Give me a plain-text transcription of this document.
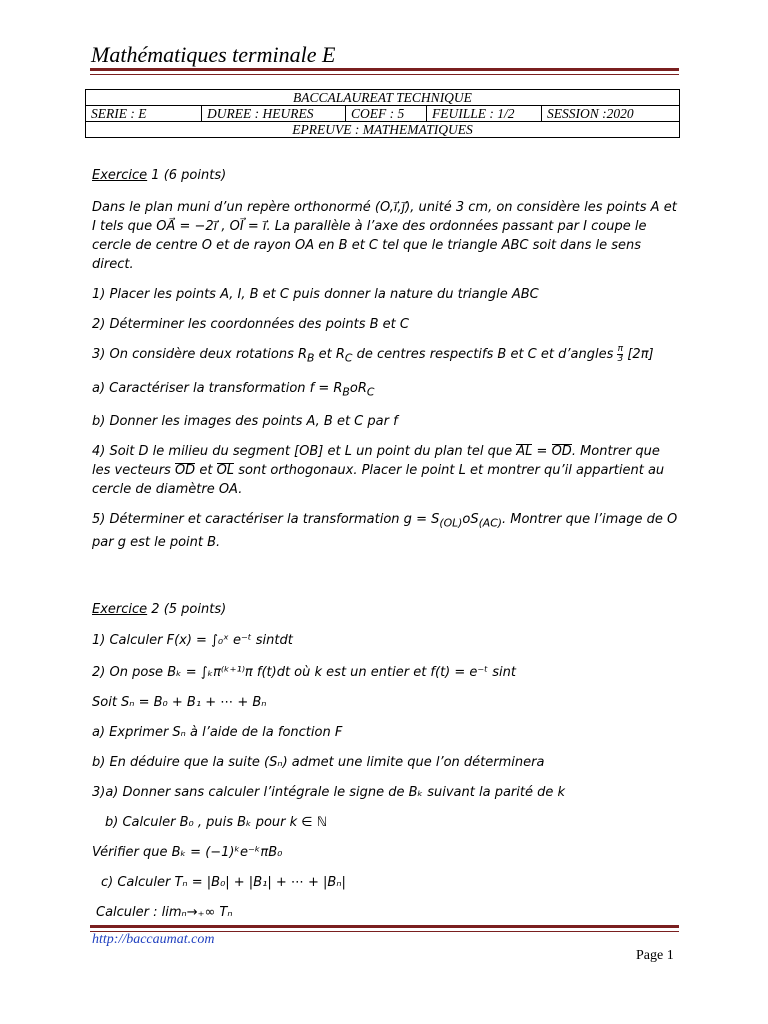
Mathématiques terminale E
BACCALAUREAT TECHNIQUE
SERIE : E	DUREE : HEURES	COEF : 5	FEUILLE : 1/2	SESSION :2020
EPREUVE : MATHEMATIQUES

Exercice 1 (6 points)

Dans le plan muni d’un repère orthonormé (O,i⃗,j⃗), unité 3 cm, on considère les points A et I tels que OA⃗ = −2i⃗ , OI⃗ = i⃗. La parallèle à l’axe des ordonnées passant par I coupe le cercle de centre O et de rayon OA en B et C tel que le triangle ABC soit dans le sens direct.

1) Placer les points A, I, B et C puis donner la nature du triangle ABC

2) Déterminer les coordonnées des points B et C

3) On considère deux rotations $R_B$ et $R_C$ de centres respectifs B et C et d’angles $\frac{\pi}{3} [2\pi]$

a) Caractériser la transformation $f = R_BoR_C$

b) Donner les images des points A, B et C par f

4) Soit D le milieu du segment [OB] et L un point du plan tel que AL = OD. Montrer que les vecteurs OD et OL sont orthogonaux. Placer le point L et montrer qu’il appartient au cercle de diamètre OA.

5) Déterminer et caractériser la transformation $g = S_{(OL)}oS_{(AC)}$. Montrer que l’image de O par g est le point B.

Exercice 2 (5 points)

1) Calculer F(x) = ∫₀ˣ e⁻ᵗ sintdt

2) On pose Bₖ = ∫ₖπ⁽ᵏ⁺¹⁾π f(t)dt où k est un entier et f(t) = e⁻ᵗ sint

Soit Sₙ = B₀ + B₁ + ⋯ + Bₙ

a) Exprimer Sₙ à l’aide de la fonction F

b) En déduire que la suite (Sₙ) admet une limite que l’on déterminera

3)a) Donner sans calculer l’intégrale le signe de Bₖ suivant la parité de k

b) Calculer B₀ , puis Bₖ pour k ∈ ℕ

Vérifier que Bₖ = (−1)ᵏe⁻ᵏπB₀

c) Calculer Tₙ = |B₀| + |B₁| + ⋯ + |Bₙ|

Calculer : limₙ→₊∞ Tₙ

http://baccaumat.com
Page 1
